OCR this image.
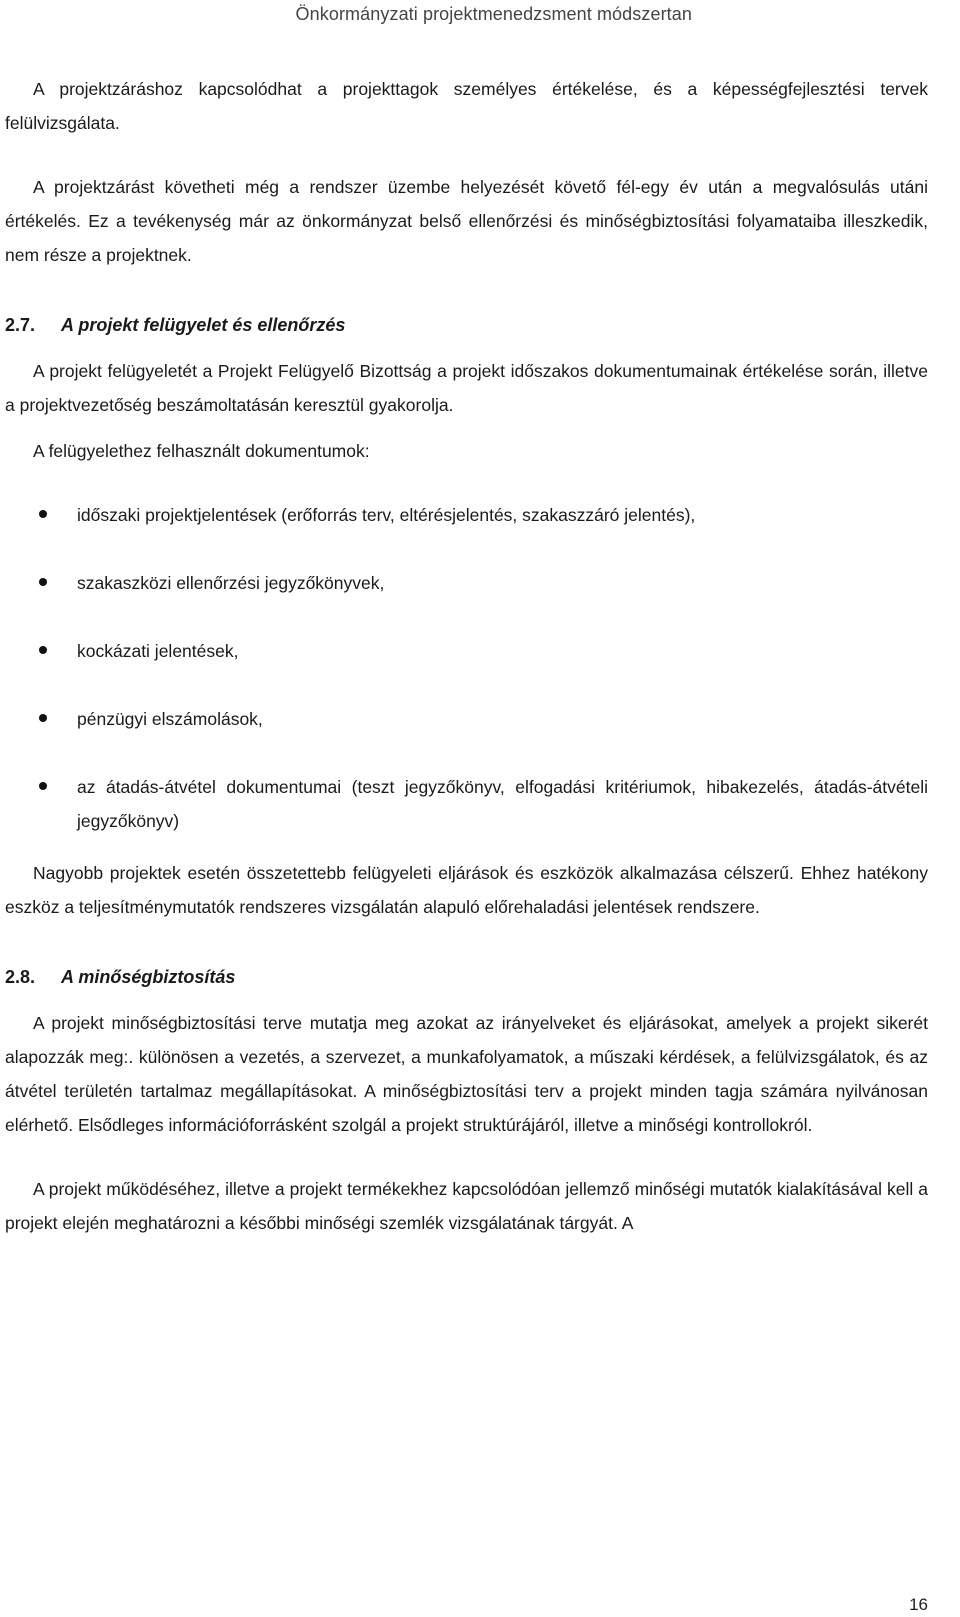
Önkormányzati projektmenedzsment módszertan

A projektzáráshoz kapcsolódhat a projekttagok személyes értékelése, és a képességfejlesztési tervek felülvizsgálata.

A projektzárást követheti még a rendszer üzembe helyezését követő fél-egy év után a megvalósulás utáni értékelés. Ez a tevékenység már az önkormányzat belső ellenőrzési és minőségbiztosítási folyamataiba illeszkedik, nem része a projektnek.

2.7.	A projekt felügyelet és ellenőrzés

A projekt felügyeletét a Projekt Felügyelő Bizottság a projekt időszakos dokumentumainak értékelése során, illetve a projektvezetőség beszámoltatásán keresztül gyakorolja.

A felügyelethez felhasznált dokumentumok:

időszaki projektjelentések (erőforrás terv, eltérésjelentés, szakaszzáró jelentés),
szakaszközi ellenőrzési jegyzőkönyvek,
kockázati jelentések,
pénzügyi elszámolások,
az átadás-átvétel dokumentumai (teszt jegyzőkönyv, elfogadási kritériumok, hibakezelés, átadás-átvételi jegyzőkönyv)

Nagyobb projektek esetén összetettebb felügyeleti eljárások és eszközök alkalmazása célszerű. Ehhez hatékony eszköz a teljesítménymutatók rendszeres vizsgálatán alapuló előrehaladási jelentések rendszere.

2.8.	A minőségbiztosítás

A projekt minőségbiztosítási terve mutatja meg azokat az irányelveket és eljárásokat, amelyek a projekt sikerét alapozzák meg:. különösen a vezetés, a szervezet, a munkafolyamatok, a műszaki kérdések, a felülvizsgálatok, és az átvétel területén tartalmaz megállapításokat. A minőségbiztosítási terv a projekt minden tagja számára nyilvánosan elérhető. Elsődleges információforrásként szolgál a projekt struktúrájáról, illetve a minőségi kontrollokról.

A projekt működéséhez, illetve a projekt termékekhez kapcsolódóan jellemző minőségi mutatók kialakításával kell a projekt elején meghatározni a későbbi minőségi szemlék vizsgálatának tárgyát. A

16
